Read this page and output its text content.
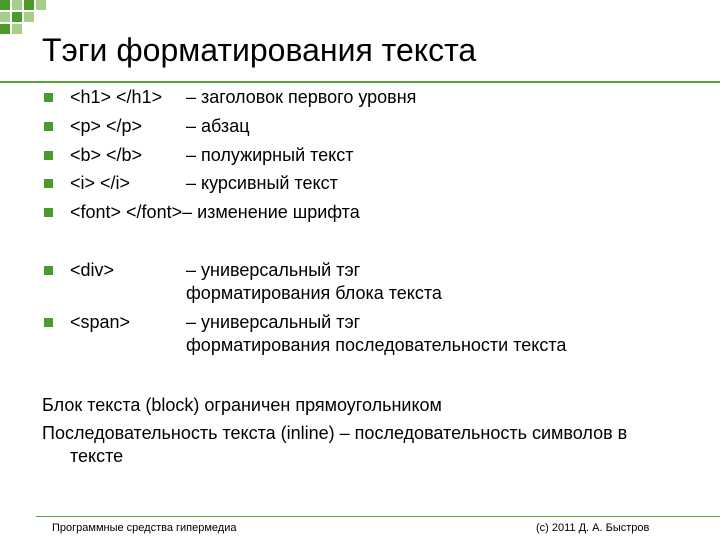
Тэги форматирования текста
<h1> </h1> – заголовок первого уровня
<p> </p> – абзац
<b> </b> – полужирный текст
<i> </i>	– курсивный текст
<font> </font>– изменение шрифта
<div>	– универсальный тэг
форматирования блока текста
<span>	– универсальный тэг
форматирования последовательности текста
Блок текста (block) ограничен прямоугольником
Последовательность текста (inline) – последовательность символов в
тексте
Программные средства гипермедиа	(c) 2011 Д. А. Быстров
